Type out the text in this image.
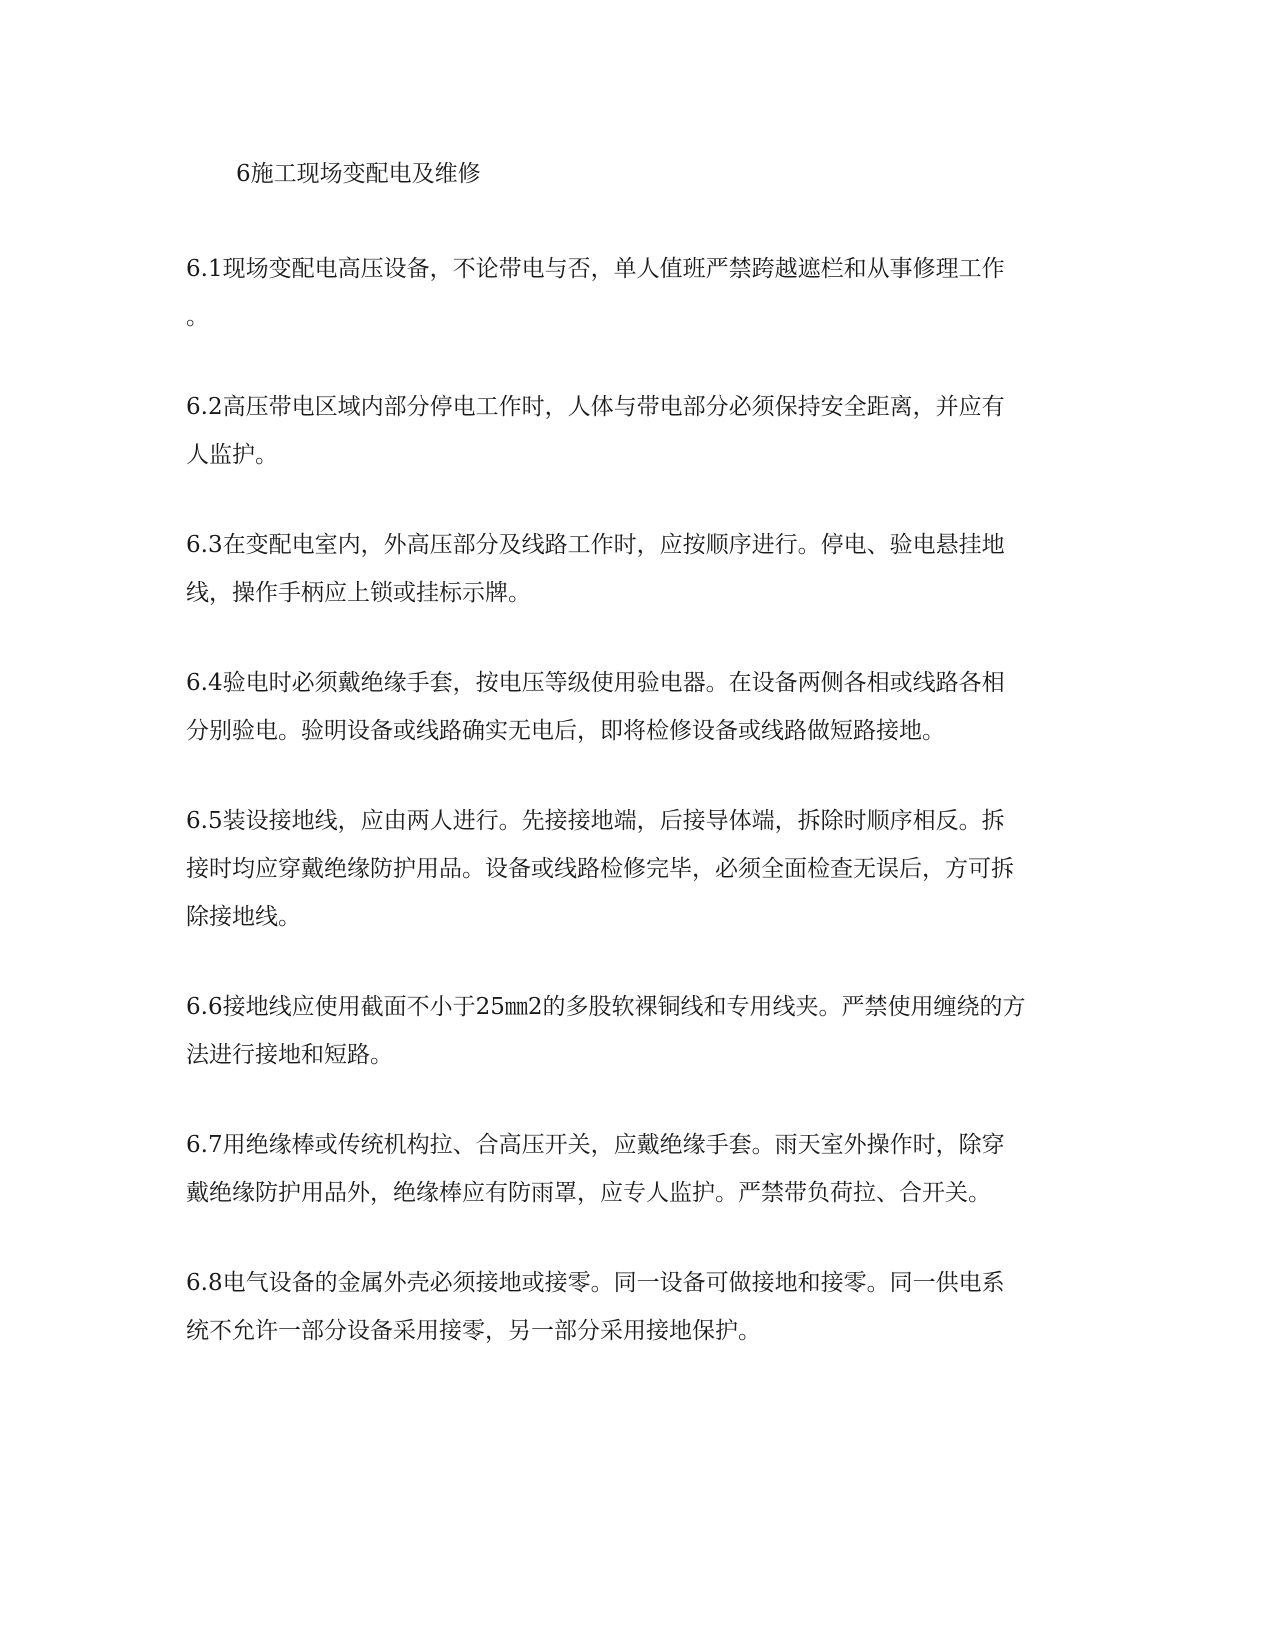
6施工现场变配电及维修
6.1现场变配电高压设备，不论带电与否，单人值班严禁跨越遮栏和从事修理工作
。
6.2高压带电区域内部分停电工作时，人体与带电部分必须保持安全距离，并应有
人监护。
6.3在变配电室内，外高压部分及线路工作时，应按顺序进行。停电、验电悬挂地
线，操作手柄应上锁或挂标示牌。
6.4验电时必须戴绝缘手套，按电压等级使用验电器。在设备两侧各相或线路各相
分别验电。验明设备或线路确实无电后，即将检修设备或线路做短路接地。
6.5装设接地线，应由两人进行。先接接地端，后接导体端，拆除时顺序相反。拆
接时均应穿戴绝缘防护用品。设备或线路检修完毕，必须全面检查无误后，方可拆
除接地线。
6.6接地线应使用截面不小于25㎜2的多股软裸铜线和专用线夹。严禁使用缠绕的方
法进行接地和短路。
6.7用绝缘棒或传统机构拉、合高压开关，应戴绝缘手套。雨天室外操作时，除穿
戴绝缘防护用品外，绝缘棒应有防雨罩，应专人监护。严禁带负荷拉、合开关。
6.8电气设备的金属外壳必须接地或接零。同一设备可做接地和接零。同一供电系
统不允许一部分设备采用接零，另一部分采用接地保护。
